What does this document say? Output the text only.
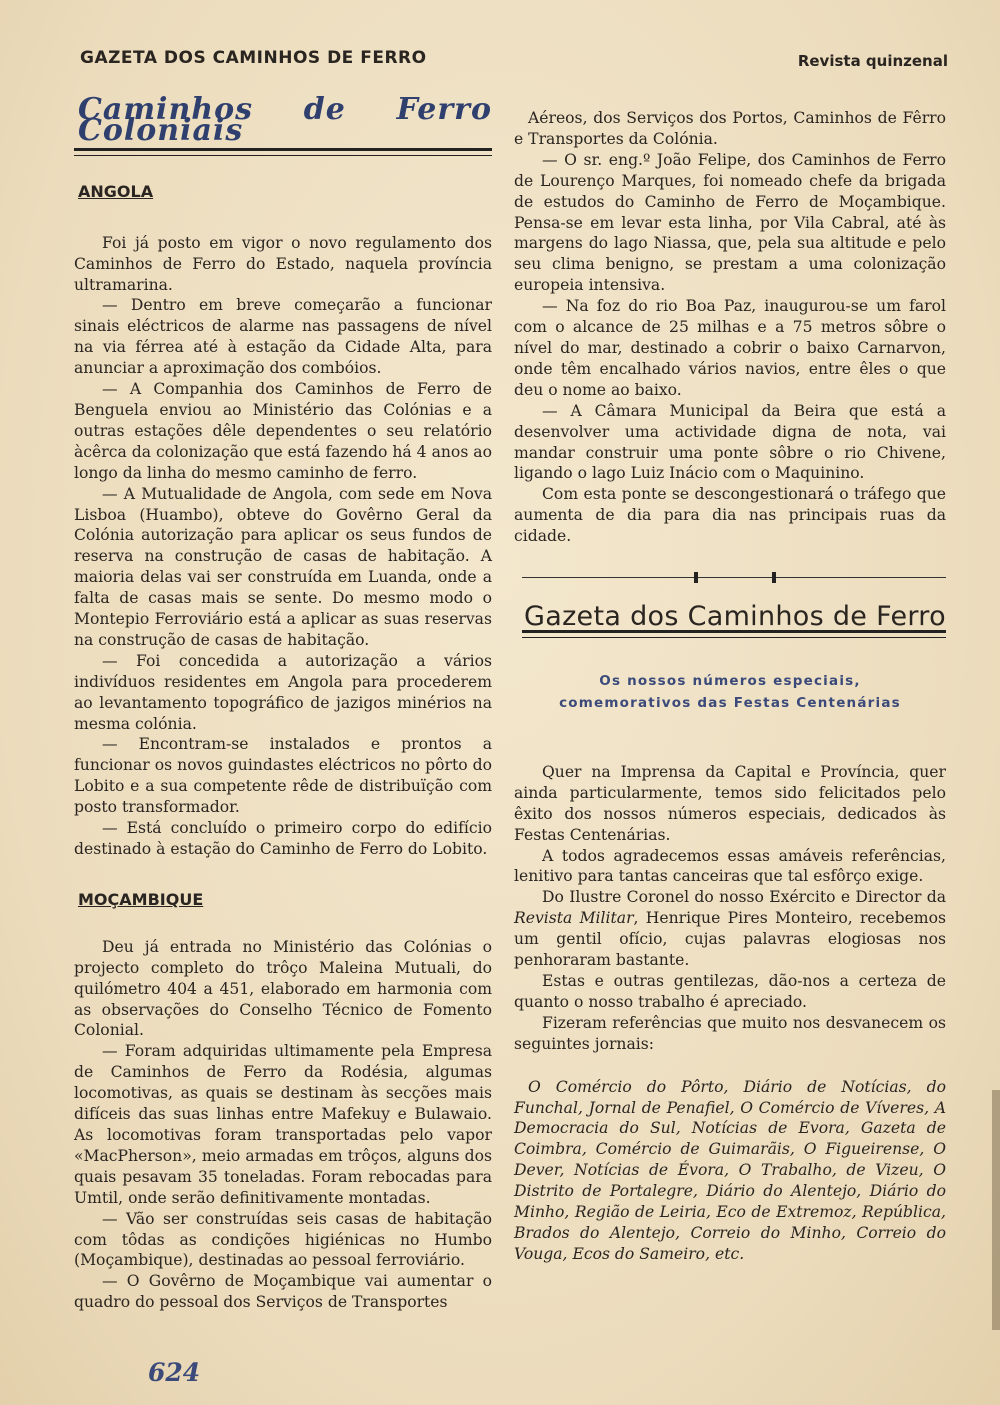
GAZETA DOS CAMINHOS DE FERRO	Revista quinzenal
Caminhos de Ferro Coloniais
ANGOLA

Foi já posto em vigor o novo regulamento dos Caminhos de Ferro do Estado, naquela província ultramarina.

— Dentro em breve começarão a funcionar sinais eléctricos de alarme nas passagens de nível na via férrea até à estação da Cidade Alta, para anunciar a aproximação dos combóios.

— A Companhia dos Caminhos de Ferro de Benguela enviou ao Ministério das Colónias e a outras estações dêle dependentes o seu relatório àcêrca da colonização que está fazendo há 4 anos ao longo da linha do mesmo caminho de ferro.

— A Mutualidade de Angola, com sede em Nova Lisboa (Huambo), obteve do Govêrno Geral da Colónia autorização para aplicar os seus fundos de reserva na construção de casas de habitação. A maioria delas vai ser construída em Luanda, onde a falta de casas mais se sente. Do mesmo modo o Montepio Ferroviário está a aplicar as suas reservas na construção de casas de habitação.

— Foi concedida a autorização a vários indivíduos residentes em Angola para procederem ao levantamento topográfico de jazigos minérios na mesma colónia.

— Encontram-se instalados e prontos a funcionar os novos guindastes eléctricos no pôrto do Lobito e a sua competente rêde de distribuïção com posto transformador.

— Está concluído o primeiro corpo do edifício destinado à estação do Caminho de Ferro do Lobito.

MOÇAMBIQUE

Deu já entrada no Ministério das Colónias o projecto completo do trôço Maleina Mutuali, do quilómetro 404 a 451, elaborado em harmonia com as observações do Conselho Técnico de Fomento Colonial.

— Foram adquiridas ultimamente pela Empresa de Caminhos de Ferro da Rodésia, algumas locomotivas, as quais se destinam às secções mais difíceis das suas linhas entre Mafekuy e Bulawaio. As locomotivas foram transportadas pelo vapor «MacPherson», meio armadas em trôços, alguns dos quais pesavam 35 toneladas. Foram rebocadas para Umtil, onde serão definitivamente montadas.

— Vão ser construídas seis casas de habitação com tôdas as condições higiénicas no Humbo (Moçambique), destinadas ao pessoal ferroviário.

— O Govêrno de Moçambique vai aumentar o quadro do pessoal dos Serviços de Transportes

Aéreos, dos Serviços dos Portos, Caminhos de Fêrro e Transportes da Colónia.

— O sr. eng.º João Felipe, dos Caminhos de Ferro de Lourenço Marques, foi nomeado chefe da brigada de estudos do Caminho de Ferro de Moçambique. Pensa-se em levar esta linha, por Vila Cabral, até às margens do lago Niassa, que, pela sua altitude e pelo seu clima benigno, se prestam a uma colonização europeia intensiva.

— Na foz do rio Boa Paz, inaugurou-se um farol com o alcance de 25 milhas e a 75 metros sôbre o nível do mar, destinado a cobrir o baixo Carnarvon, onde têm encalhado vários navios, entre êles o que deu o nome ao baixo.

— A Câmara Municipal da Beira que está a desenvolver uma actividade digna de nota, vai mandar construir uma ponte sôbre o rio Chivene, ligando o lago Luiz Inácio com o Maquinino.

Com esta ponte se descongestionará o tráfego que aumenta de dia para dia nas principais ruas da cidade.

Gazeta dos Caminhos de Ferro
Os nossos números especiais,
comemorativos das Festas Centenárias

Quer na Imprensa da Capital e Província, quer ainda particularmente, temos sido felicitados pelo êxito dos nossos números especiais, dedicados às Festas Centenárias.

A todos agradecemos essas amáveis referências, lenitivo para tantas canceiras que tal esfôrço exige.

Do Ilustre Coronel do nosso Exército e Director da Revista Militar, Henrique Pires Monteiro, recebemos um gentil ofício, cujas palavras elogiosas nos penhoraram bastante.

Estas e outras gentilezas, dão-nos a certeza de quanto o nosso trabalho é apreciado.

Fizeram referências que muito nos desvanecem os seguintes jornais:

O Comércio do Pôrto, Diário de Notícias, do Funchal, Jornal de Penafiel, O Comércio de Víveres, A Democracia do Sul, Notícias de Evora, Gazeta de Coimbra, Comércio de Guimarãis, O Figueirense, O Dever, Notícias de Évora, O Trabalho, de Vizeu, O Distrito de Portalegre, Diário do Alentejo, Diário do Minho, Região de Leiria, Eco de Extremoz, República, Brados do Alentejo, Correio do Minho, Correio do Vouga, Ecos do Sameiro, etc.

624
